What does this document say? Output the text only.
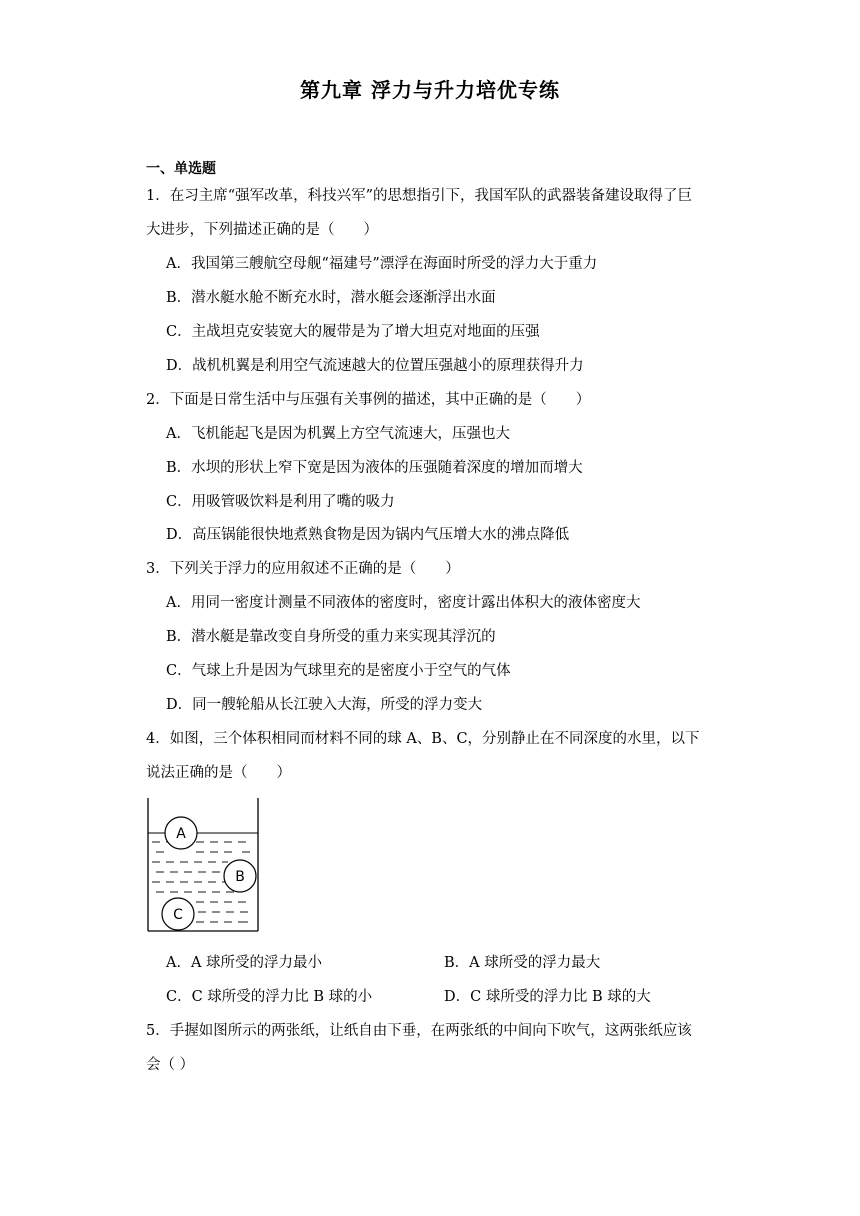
第九章 浮力与升力培优专练
一、单选题
1．在习主席“强军改革，科技兴军”的思想指引下，我国军队的武器装备建设取得了巨
大进步，下列描述正确的是（　　）
A．我国第三艘航空母舰“福建号”漂浮在海面时所受的浮力大于重力
B．潜水艇水舱不断充水时，潜水艇会逐渐浮出水面
C．主战坦克安装宽大的履带是为了增大坦克对地面的压强
D．战机机翼是利用空气流速越大的位置压强越小的原理获得升力
2．下面是日常生活中与压强有关事例的描述，其中正确的是（　　）
A．飞机能起飞是因为机翼上方空气流速大，压强也大
B．水坝的形状上窄下宽是因为液体的压强随着深度的增加而增大
C．用吸管吸饮料是利用了嘴的吸力
D．高压锅能很快地煮熟食物是因为锅内气压增大水的沸点降低
3．下列关于浮力的应用叙述不正确的是（　　）
A．用同一密度计测量不同液体的密度时，密度计露出体积大的液体密度大
B．潜水艇是靠改变自身所受的重力来实现其浮沉的
C．气球上升是因为气球里充的是密度小于空气的气体
D．同一艘轮船从长江驶入大海，所受的浮力变大
4．如图，三个体积相同而材料不同的球 A、B、C，分别静止在不同深度的水里，以下
说法正确的是（　　）
A
B
C
A．A 球所受的浮力最小	B．A 球所受的浮力最大
C．C 球所受的浮力比 B 球的小	D．C 球所受的浮力比 B 球的大
5．手握如图所示的两张纸，让纸自由下垂，在两张纸的中间向下吹气，这两张纸应该
会（ ）
